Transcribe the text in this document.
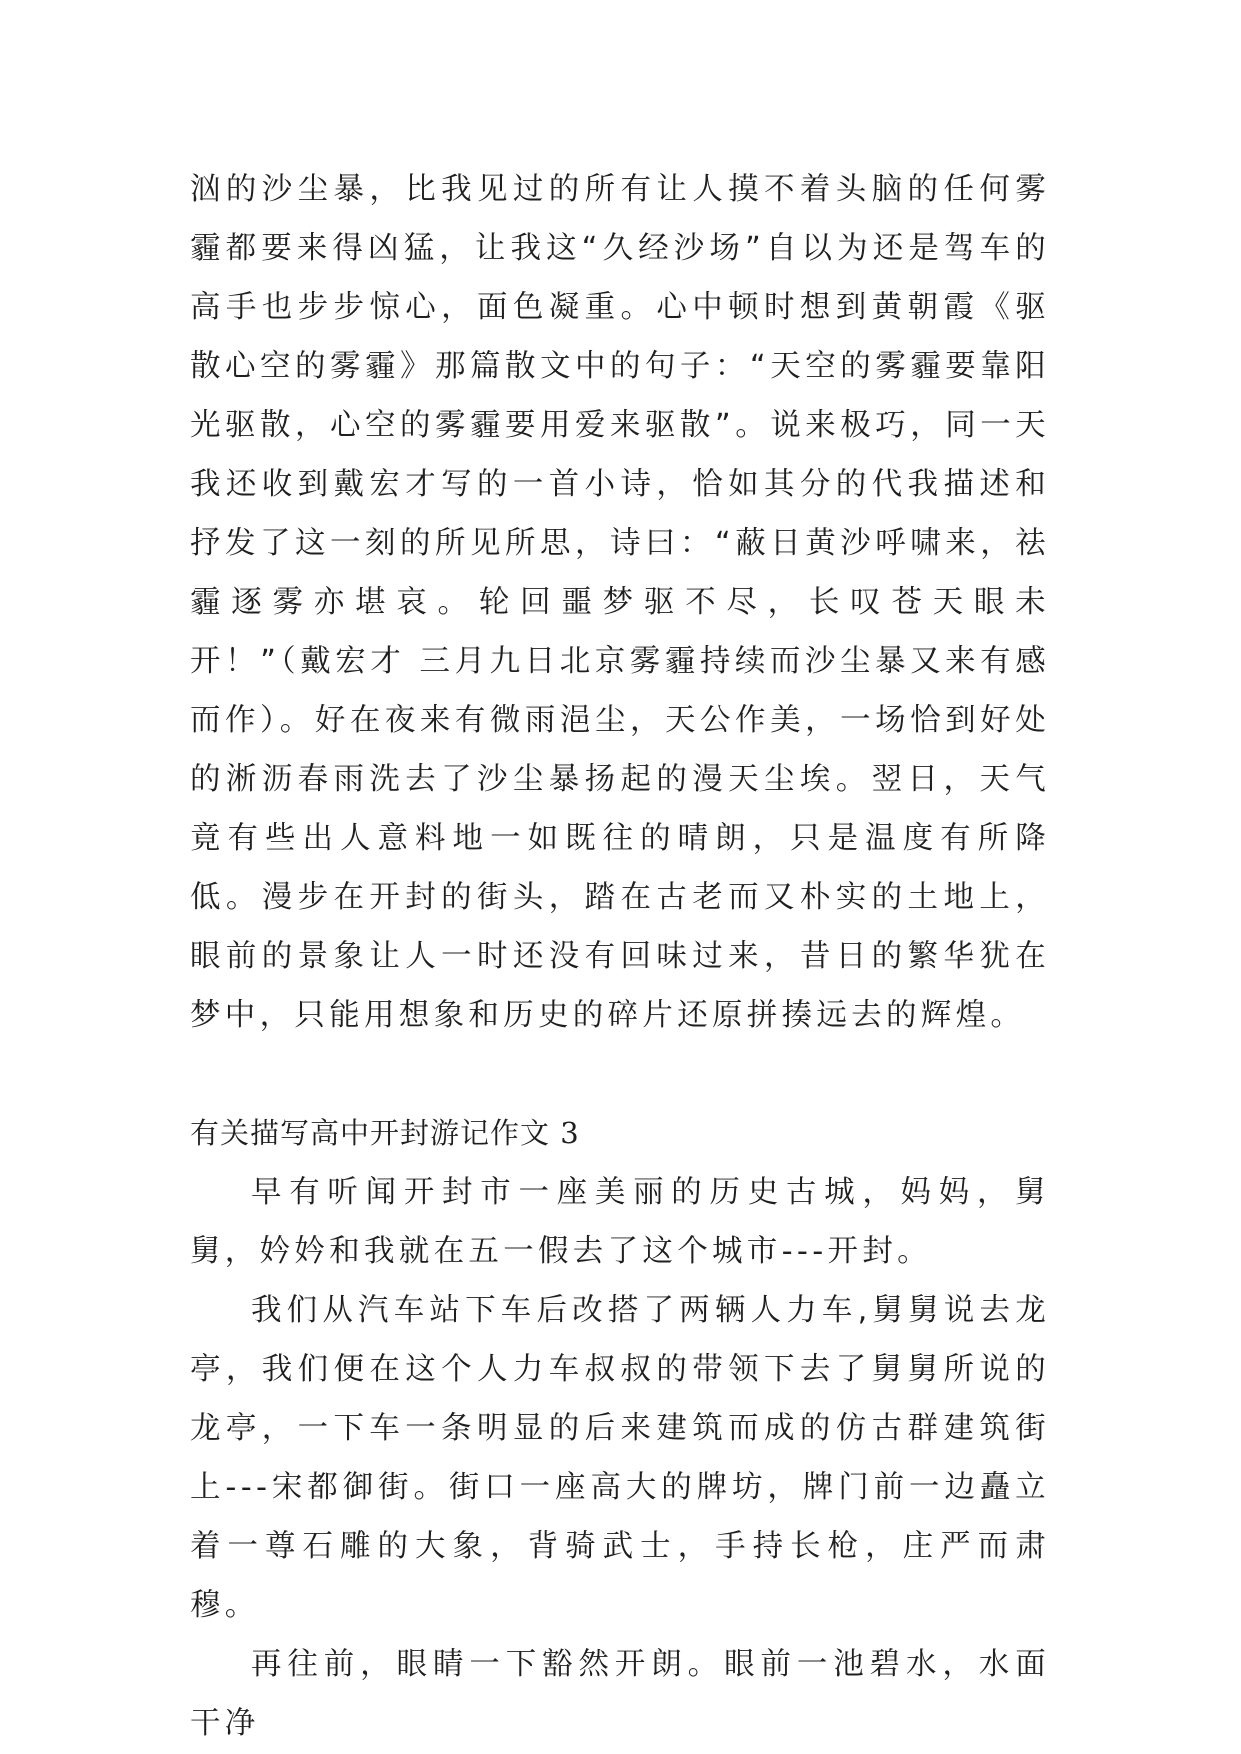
汹的沙尘暴，比我见过的所有让人摸不着头脑的任何雾霾都要来得凶猛，让我这“久经沙场”自以为还是驾车的高手也步步惊心，面色凝重。心中顿时想到黄朝霞《驱散心空的雾霾》那篇散文中的句子：“天空的雾霾要靠阳光驱散，心空的雾霾要用爱来驱散”。说来极巧，同一天我还收到戴宏才写的一首小诗，恰如其分的代我描述和抒发了这一刻的所见所思，诗曰：“蔽日黄沙呼啸来，祛霾逐雾亦堪哀。轮回噩梦驱不尽，长叹苍天眼未开！”（戴宏才 三月九日北京雾霾持续而沙尘暴又来有感而作）。好在夜来有微雨浥尘，天公作美，一场恰到好处的淅沥春雨洗去了沙尘暴扬起的漫天尘埃。翌日，天气竟有些出人意料地一如既往的晴朗，只是温度有所降低。漫步在开封的街头，踏在古老而又朴实的土地上，眼前的景象让人一时还没有回味过来，昔日的繁华犹在梦中，只能用想象和历史的碎片还原拼揍远去的辉煌。

有关描写高中开封游记作文 3

早有听闻开封市一座美丽的历史古城，妈妈，舅舅，妗妗和我就在五一假去了这个城市---开封。

我们从汽车站下车后改搭了两辆人力车,舅舅说去龙亭，我们便在这个人力车叔叔的带领下去了舅舅所说的龙亭，一下车一条明显的后来建筑而成的仿古群建筑街上---宋都御街。街口一座高大的牌坊，牌门前一边矗立着一尊石雕的大象，背骑武士，手持长枪，庄严而肃穆。

再往前，眼睛一下豁然开朗。眼前一池碧水，水面干净
